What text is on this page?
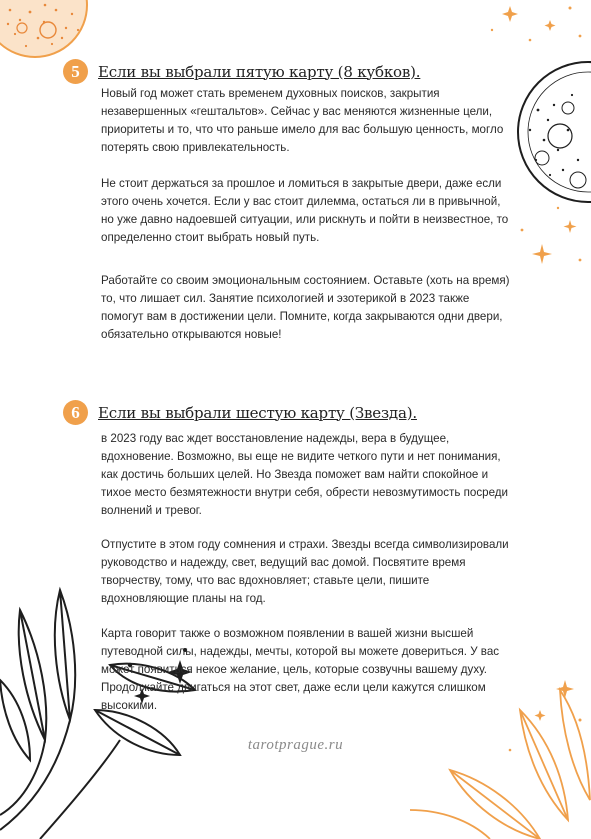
5	Если вы выбрали пятую карту (8 кубков).

Новый год может стать временем духовных поисков, закрытия незавершенных «гештальтов». Сейчас у вас меняются жизненные цели, приоритеты и то, что что раньше имело для вас большую ценность, могло потерять свою привлекательность.

Не стоит держаться за прошлое и ломиться в закрытые двери, даже если этого очень хочется. Если у вас стоит дилемма, остаться ли в привычной, но уже давно надоевшей ситуации, или рискнуть и пойти в неизвестное, то определенно стоит выбрать новый путь.

Работайте со своим эмоциональным состоянием. Оставьте (хоть на время) то, что лишает сил. Занятие психологией и эзотерикой в 2023 также помогут вам в достижении цели. Помните, когда закрываются одни двери, обязательно открываются новые!

6	Если вы выбрали шестую карту (Звезда).

в 2023 году вас ждет восстановление надежды, вера в будущее, вдохновение. Возможно, вы еще не видите четкого пути и нет понимания, как достичь больших целей. Но Звезда поможет вам найти спокойное и тихое место безмятежности внутри себя, обрести невозмутимость посреди волнений и тревог.

Отпустите в этом году сомнения и страхи. Звезды всегда символизировали руководство и надежду, свет, ведущий вас домой. Посвятите время творчеству, тому, что вас вдохновляет; ставьте цели, пишите вдохновляющие планы на год.

Карта говорит также о возможном появлении в вашей жизни высшей путеводной силы, надежды, мечты, которой вы можете довериться. У вас может появиться некое желание, цель, которые созвучны вашему духу. Продолжайте двигаться на этот свет, даже если цели кажутся слишком высокими.

tarotprague.ru
